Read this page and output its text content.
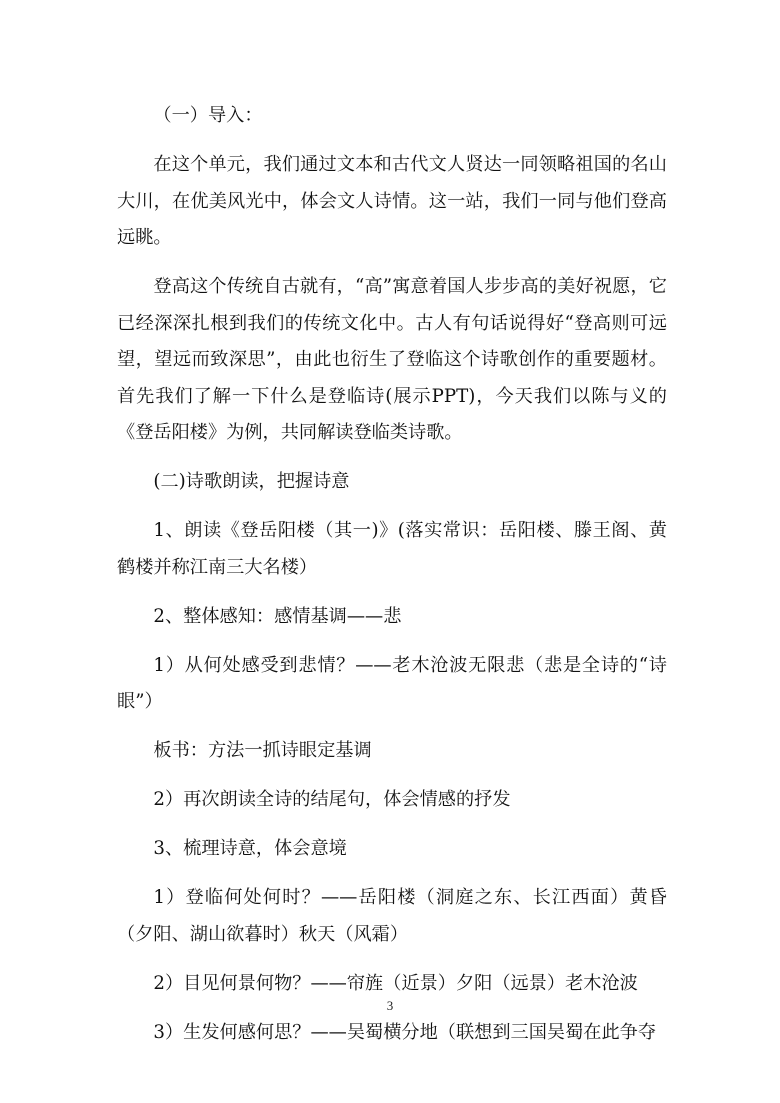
（一）导入：

在这个单元，我们通过文本和古代文人贤达一同领略祖国的名山大川，在优美风光中，体会文人诗情。这一站，我们一同与他们登高远眺。

登高这个传统自古就有，“高”寓意着国人步步高的美好祝愿，它已经深深扎根到我们的传统文化中。古人有句话说得好“登高则可远望，望远而致深思”，由此也衍生了登临这个诗歌创作的重要题材。首先我们了解一下什么是登临诗(展示PPT)，今天我们以陈与义的《登岳阳楼》为例，共同解读登临类诗歌。

(二)诗歌朗读，把握诗意

1、朗读《登岳阳楼（其一)》(落实常识：岳阳楼、滕王阁、黄鹤楼并称江南三大名楼）

2、整体感知：感情基调——悲

1）从何处感受到悲情？——老木沧波无限悲（悲是全诗的“诗眼”）

板书：方法一抓诗眼定基调

2）再次朗读全诗的结尾句，体会情感的抒发

3、梳理诗意，体会意境

1）登临何处何时？——岳阳楼（洞庭之东、长江西面）黄昏（夕阳、湖山欲暮时）秋天（风霜）

2）目见何景何物？——帘旌（近景）夕阳（远景）老木沧波

3）生发何感何思？——吴蜀横分地（联想到三国吴蜀在此争夺

3
